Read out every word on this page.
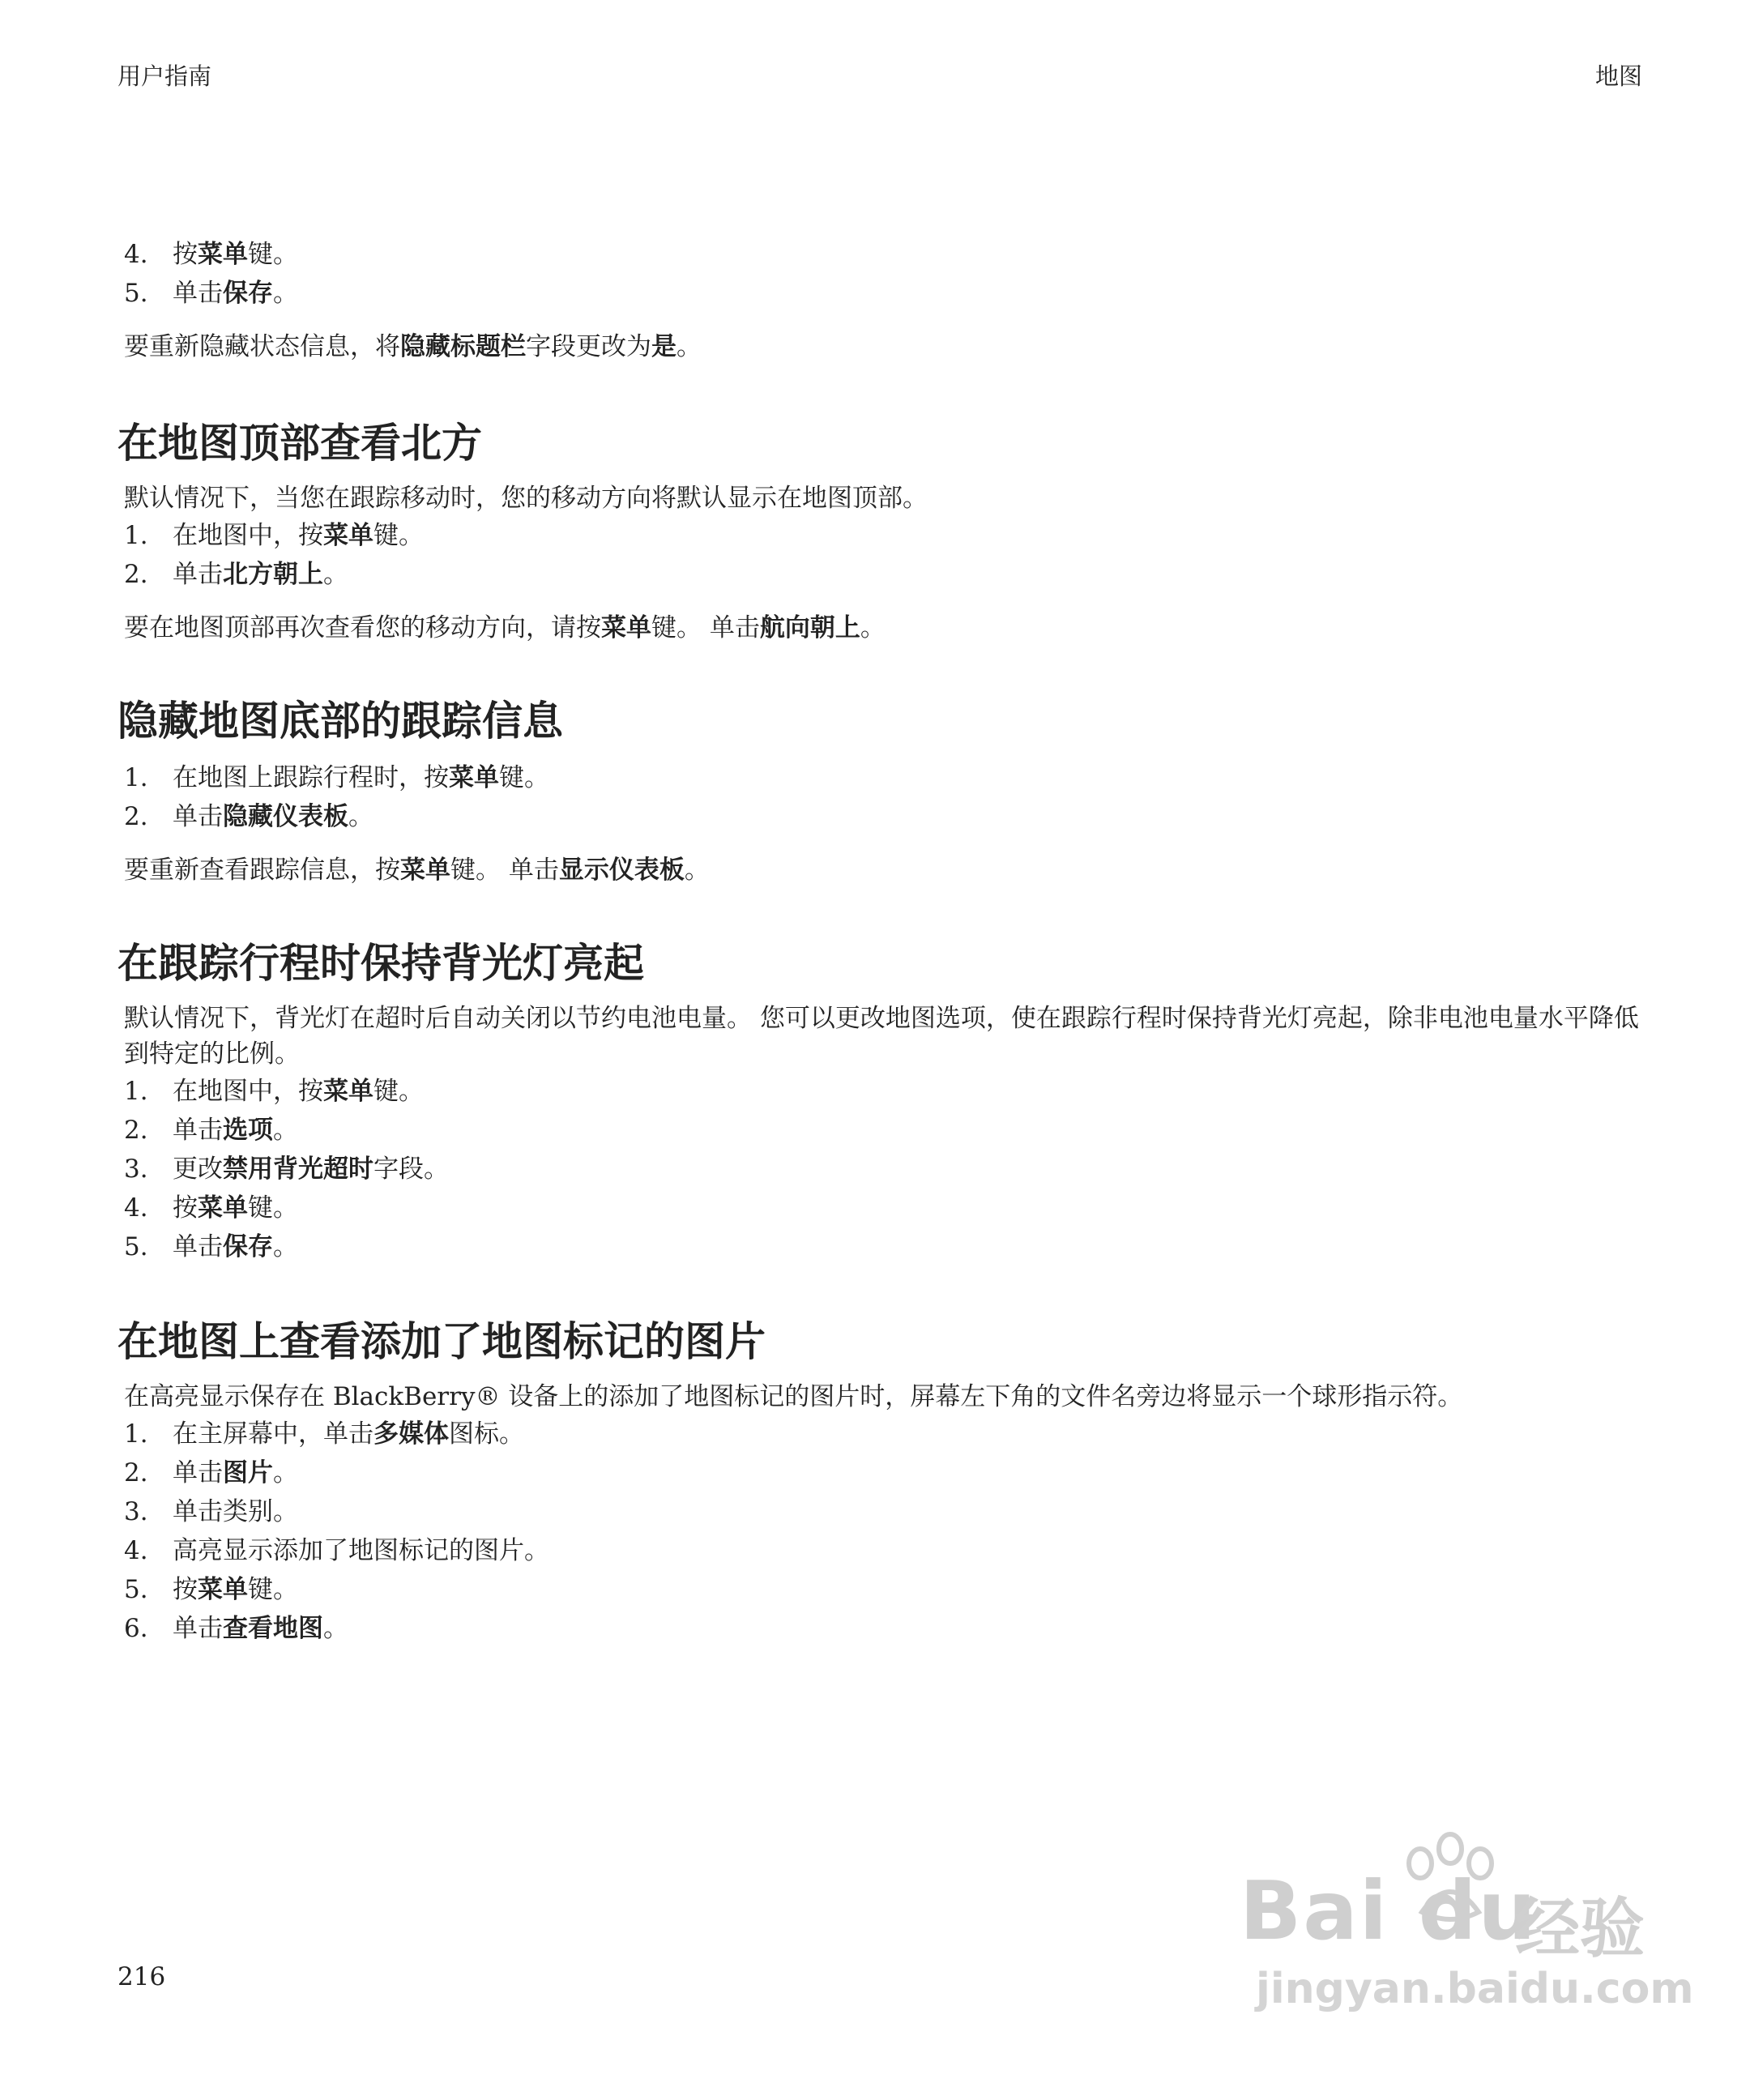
用户指南	地图
4. 按菜单键。
5. 单击保存。

要重新隐藏状态信息，将隐藏标题栏字段更改为是。

在地图顶部查看北方

默认情况下，当您在跟踪移动时，您的移动方向将默认显示在地图顶部。

1. 在地图中，按菜单键。
2. 单击北方朝上。

要在地图顶部再次查看您的移动方向，请按菜单键。 单击航向朝上。

隐藏地图底部的跟踪信息
1. 在地图上跟踪行程时，按菜单键。
2. 单击隐藏仪表板。

要重新查看跟踪信息，按菜单键。 单击显示仪表板。

在跟踪行程时保持背光灯亮起

默认情况下，背光灯在超时后自动关闭以节约电池电量。 您可以更改地图选项，使在跟踪行程时保持背光灯亮起，除非电池电量水平降低到特定的比例。

1. 在地图中，按菜单键。
2. 单击选项。
3. 更改禁用背光超时字段。
4. 按菜单键。
5. 单击保存。
在地图上查看添加了地图标记的图片

在高亮显示保存在 BlackBerry® 设备上的添加了地图标记的图片时，屏幕左下角的文件名旁边将显示一个球形指示符。

1. 在主屏幕中，单击多媒体图标。
2. 单击图片。
3. 单击类别。
4. 高亮显示添加了地图标记的图片。
5. 按菜单键。
6. 单击查看地图。
216
Bai du
经验
jingyan.baidu.com
